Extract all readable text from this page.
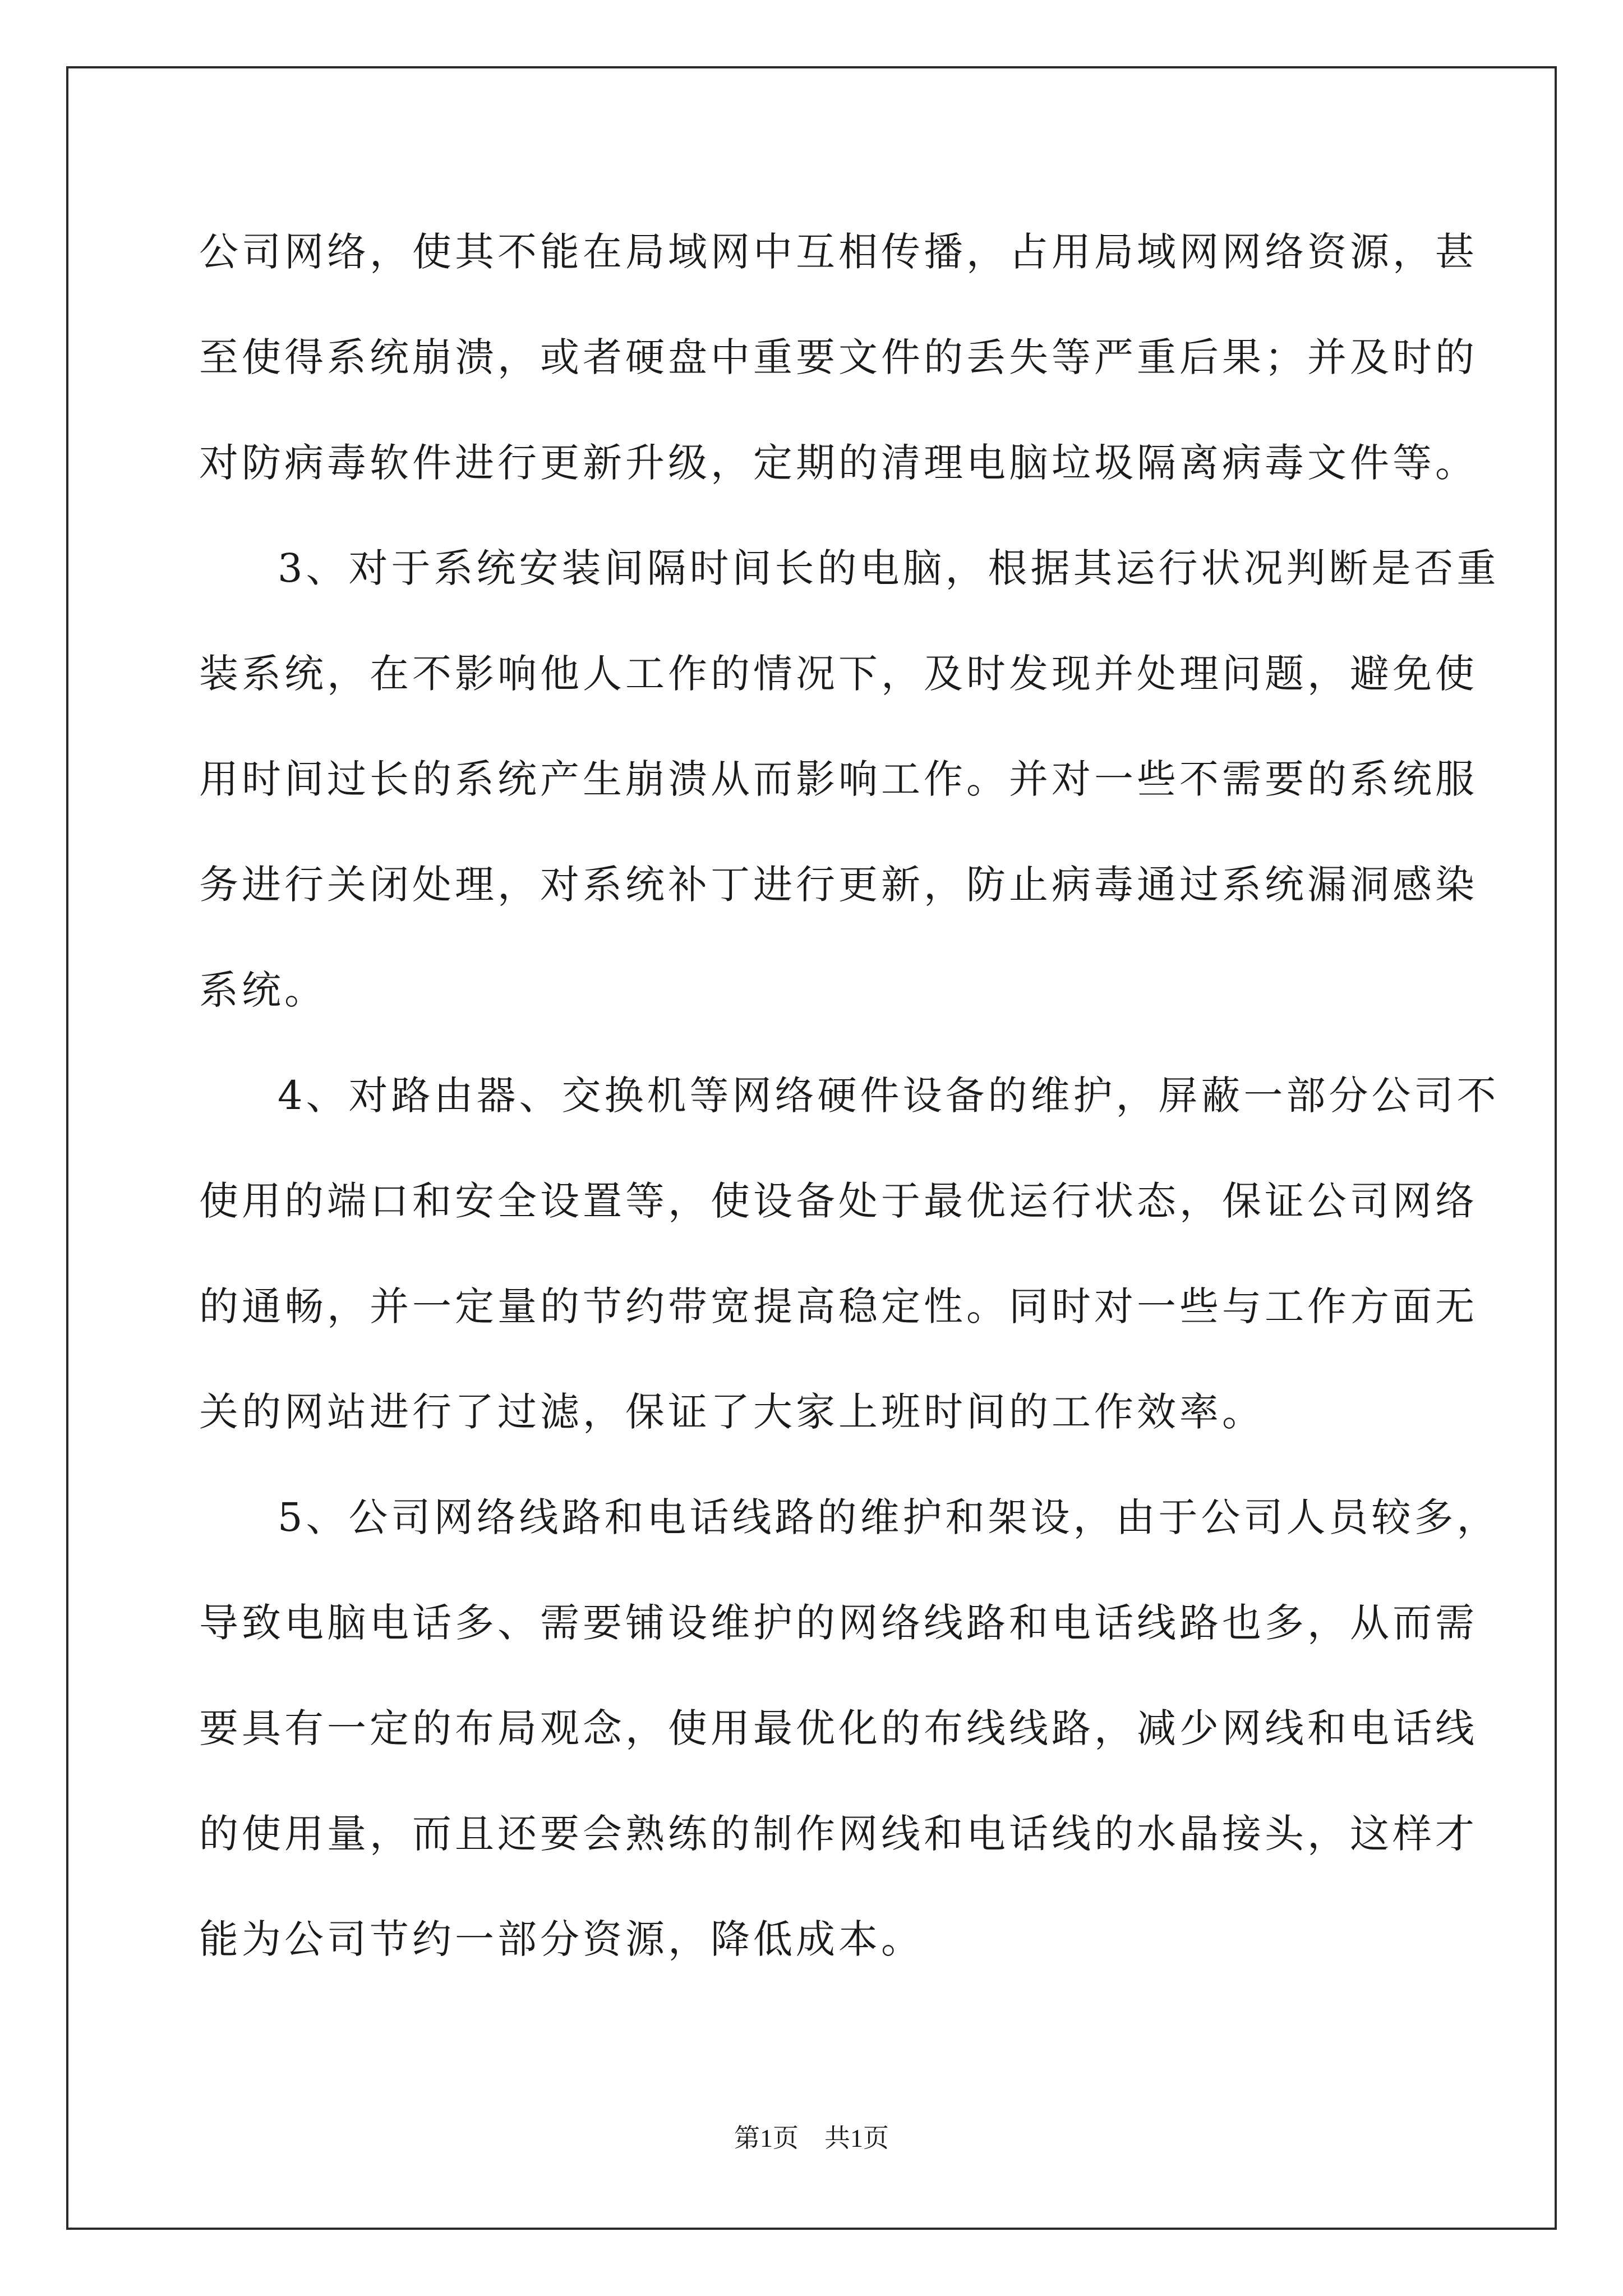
公司网络，使其不能在局域网中互相传播，占用局域网网络资源，甚
至使得系统崩溃，或者硬盘中重要文件的丢失等严重后果；并及时的
对防病毒软件进行更新升级，定期的清理电脑垃圾隔离病毒文件等。
3、对于系统安装间隔时间长的电脑，根据其运行状况判断是否重
装系统，在不影响他人工作的情况下，及时发现并处理问题，避免使
用时间过长的系统产生崩溃从而影响工作。并对一些不需要的系统服
务进行关闭处理，对系统补丁进行更新，防止病毒通过系统漏洞感染
系统。
4、对路由器、交换机等网络硬件设备的维护，屏蔽一部分公司不
使用的端口和安全设置等，使设备处于最优运行状态，保证公司网络
的通畅，并一定量的节约带宽提高稳定性。同时对一些与工作方面无
关的网站进行了过滤，保证了大家上班时间的工作效率。
5、公司网络线路和电话线路的维护和架设，由于公司人员较多，
导致电脑电话多、需要铺设维护的网络线路和电话线路也多，从而需
要具有一定的布局观念，使用最优化的布线线路，减少网线和电话线
的使用量，而且还要会熟练的制作网线和电话线的水晶接头，这样才
能为公司节约一部分资源，降低成本。
第1页　共1页
